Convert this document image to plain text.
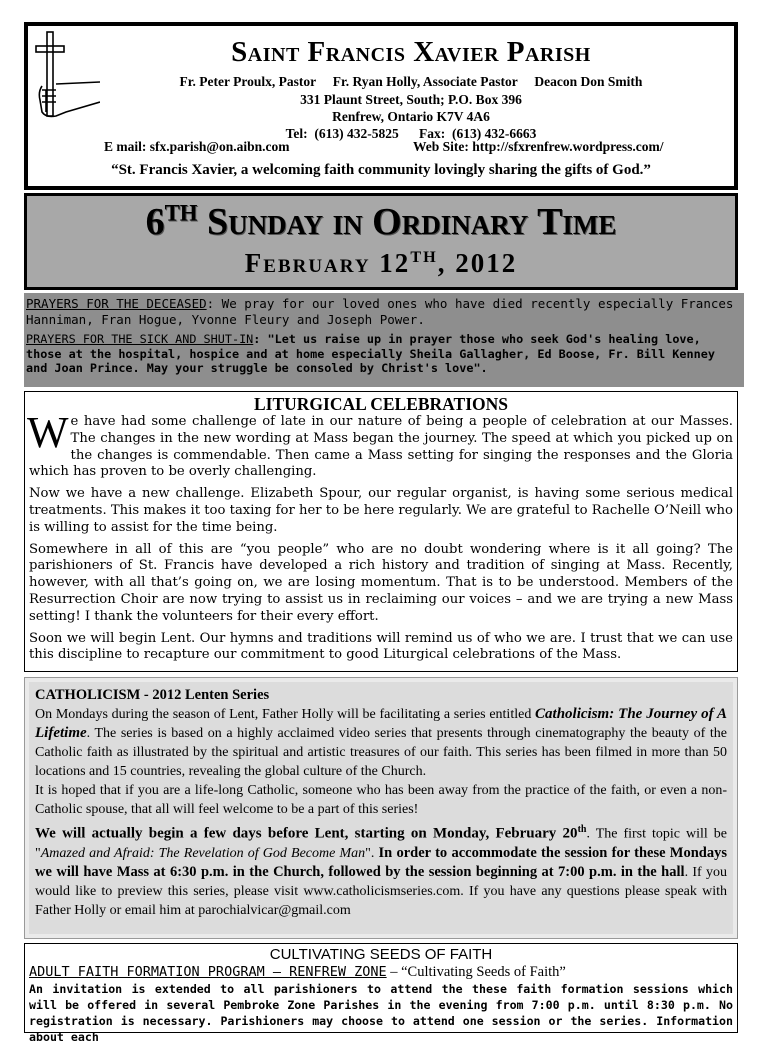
Saint Francis Xavier Parish
Fr. Peter Proulx, Pastor     Fr. Ryan Holly, Associate Pastor     Deacon Don Smith
331 Plaunt Street, South; P.O. Box 396
Renfrew, Ontario K7V 4A6
Tel:  (613) 432-5825      Fax:  (613) 432-6663
E mail: sfx.parish@on.aibn.com	Web Site: http://sfxrenfrew.wordpress.com/
“St. Francis Xavier, a welcoming faith community lovingly sharing the gifts of God.”
6TH Sunday in Ordinary Time
February 12TH, 2012

PRAYERS FOR THE DECEASED: We pray for our loved ones who have died recently especially Frances Hanniman, Fran Hogue, Yvonne Fleury and Joseph Power.

PRAYERS FOR THE SICK AND SHUT-IN: "Let us raise up in prayer those who seek God's healing love, those at the hospital, hospice and at home especially Sheila Gallagher, Ed Boose, Fr. Bill Kenney and Joan Prince. May your struggle be consoled by Christ's love".

LITURGICAL CELEBRATIONS

We have had some challenge of late in our nature of being a people of celebration at our Masses. The changes in the new wording at Mass began the journey. The speed at which you picked up on the changes is commendable. Then came a Mass setting for singing the responses and the Gloria which has proven to be overly challenging.

Now we have a new challenge. Elizabeth Spour, our regular organist, is having some serious medical treatments. This makes it too taxing for her to be here regularly. We are grateful to Rachelle O’Neill who is willing to assist for the time being.

Somewhere in all of this are “you people” who are no doubt wondering where is it all going? The parishioners of St. Francis have developed a rich history and tradition of singing at Mass. Recently, however, with all that’s going on, we are losing momentum. That is to be understood. Members of the Resurrection Choir are now trying to assist us in reclaiming our voices – and we are trying a new Mass setting! I thank the volunteers for their every effort.

Soon we will begin Lent. Our hymns and traditions will remind us of who we are. I trust that we can use this discipline to recapture our commitment to good Liturgical celebrations of the Mass.

CATHOLICISM - 2012 Lenten Series

On Mondays during the season of Lent, Father Holly will be facilitating a series entitled Catholicism: The Journey of A Lifetime. The series is based on a highly acclaimed video series that presents through cinematography the beauty of the Catholic faith as illustrated by the spiritual and artistic treasures of our faith. This series has been filmed in more than 50 locations and 15 countries, revealing the global culture of the Church.

It is hoped that if you are a life-long Catholic, someone who has been away from the practice of the faith, or even a non-Catholic spouse, that all will feel welcome to be a part of this series!

We will actually begin a few days before Lent, starting on Monday, February 20th. The first topic will be "Amazed and Afraid: The Revelation of God Become Man". In order to accommodate the session for these Mondays we will have Mass at 6:30 p.m. in the Church, followed by the session beginning at 7:00 p.m. in the hall. If you would like to preview this series, please visit www.catholicismseries.com. If you have any questions please speak with Father Holly or email him at parochialvicar@gmail.com

CULTIVATING SEEDS OF FAITH
ADULT FAITH FORMATION PROGRAM – RENFREW ZONE – “Cultivating Seeds of Faith”
An invitation is extended to all parishioners to attend the these faith formation sessions which will be offered in several Pembroke Zone Parishes in the evening from 7:00 p.m. until 8:30 p.m. No registration is necessary. Parishioners may choose to attend one session or the series. Information about each
